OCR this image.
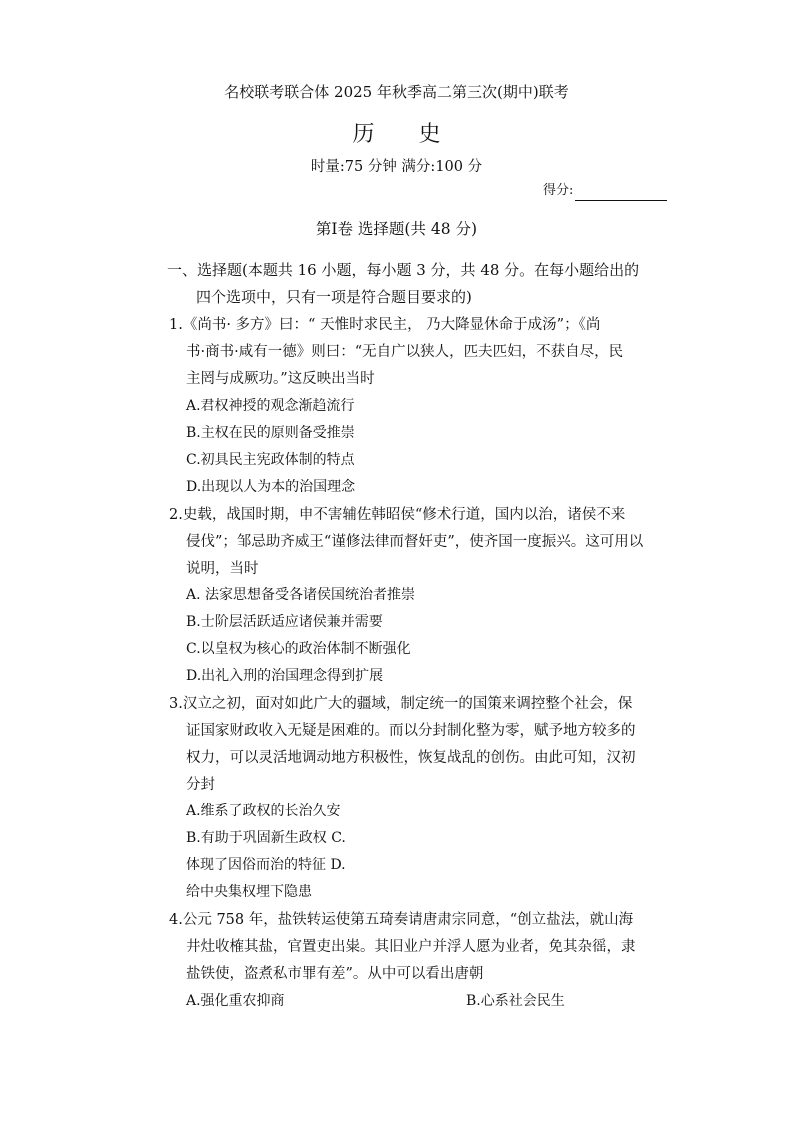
名校联考联合体 2025 年秋季高二第三次(期中)联考
历史
时量:75 分钟 满分:100 分
得分:
第Ⅰ卷 选择题(共 48 分)
一、选择题(本题共 16 小题，每小题 3 分，共 48 分。在每小题给出的
四个选项中，只有一项是符合题目要求的)
1.《尚书· 多方》曰：“ 天惟时求民主， 乃大降显休命于成汤”；《尚
书·商书·咸有一德》则曰：“无自广以狭人，匹夫匹妇，不获自尽，民
主罔与成厥功。”这反映出当时
A.君权神授的观念渐趋流行
B.主权在民的原则备受推崇
C.初具民主宪政体制的特点
D.出现以人为本的治国理念
2.史载，战国时期，申不害辅佐韩昭侯“修术行道，国内以治，诸侯不来
侵伐”；邹忌助齐威王“谨修法律而督奸吏”，使齐国一度振兴。这可用以
说明，当时
A. 法家思想备受各诸侯国统治者推崇
B.士阶层活跃适应诸侯兼并需要
C.以皇权为核心的政治体制不断强化
D.出礼入刑的治国理念得到扩展
3.汉立之初，面对如此广大的疆域，制定统一的国策来调控整个社会，保
证国家财政收入无疑是困难的。而以分封制化整为零，赋予地方较多的
权力，可以灵活地调动地方积极性，恢复战乱的创伤。由此可知，汉初
分封
A.维系了政权的长治久安
B.有助于巩固新生政权 C.
体现了因俗而治的特征 D.
给中央集权埋下隐患
4.公元 758 年，盐铁转运使第五琦奏请唐肃宗同意，“创立盐法，就山海
井灶收榷其盐，官置吏出粜。其旧业户并浮人愿为业者，免其杂徭，隶
盐铁使，盗煮私市罪有差”。从中可以看出唐朝
A.强化重农抑商	B.心系社会民生
